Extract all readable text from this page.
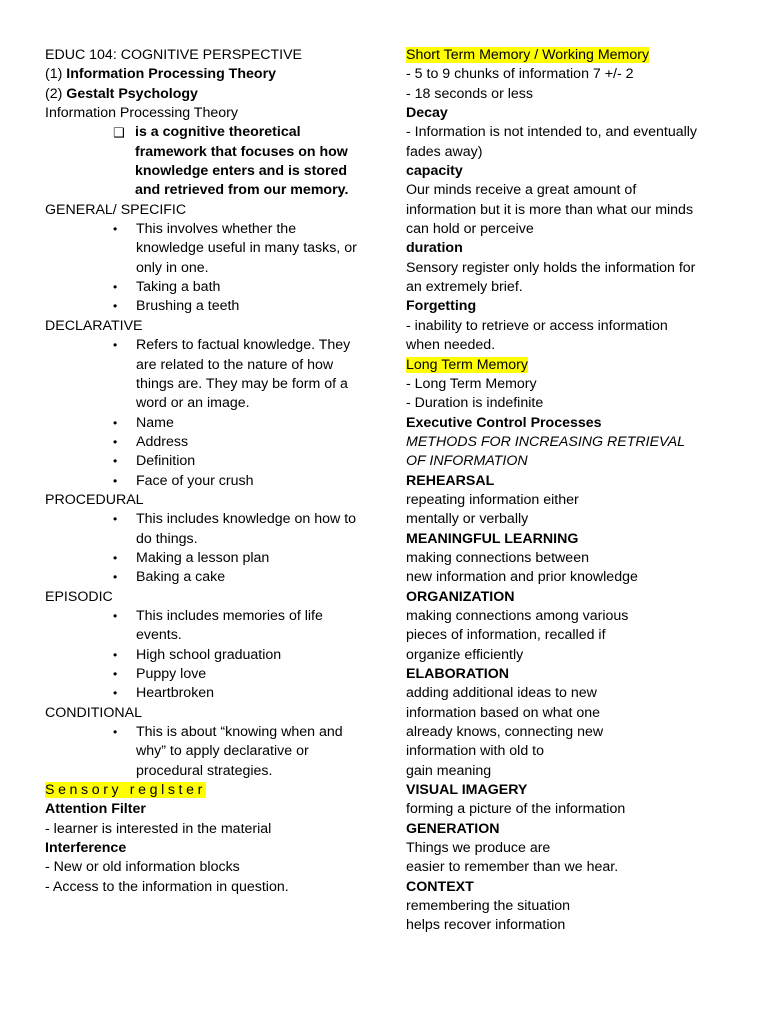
EDUC 104: COGNITIVE PERSPECTIVE
(1) Information Processing Theory
(2) Gestalt Psychology
Information Processing Theory
❑ is a cognitive theoretical framework that focuses on how knowledge enters and is stored and retrieved from our memory.
GENERAL/ SPECIFIC
•	This involves whether the knowledge useful in many tasks, or only in one.
•	Taking a bath
•	Brushing a teeth
DECLARATIVE
•	Refers to factual knowledge. They are related to the nature of how things are. They may be form of a word or an image.
•	Name
•	Address
•	Definition
•	Face of your crush
PROCEDURAL
•	This includes knowledge on how to do things.
•	Making a lesson plan
•	Baking a cake
EPISODIC
•	This includes memories of life events.
•	High school graduation
•	Puppy love
•	Heartbroken
CONDITIONAL
•	This is about “knowing when and why” to apply declarative or procedural strategies.
Sensory reglster
Attention Filter
- learner is interested in the material
Interference
- New or old information blocks
- Access to the information in question.
Short Term Memory / Working Memory
- 5 to 9 chunks of information 7 +/- 2
- 18 seconds or less
Decay
- Information is not intended to, and eventually
fades away)
capacity
Our minds receive a great amount of
information but it is more than what our minds
can hold or perceive
duration
Sensory register only holds the information for
an extremely brief.
Forgetting
- inability to retrieve or access information
when needed.
Long Term Memory
- Long Term Memory
- Duration is indefinite
Executive Control Processes
METHODS FOR INCREASING RETRIEVAL
OF INFORMATION
REHEARSAL
repeating information either
mentally or verbally
MEANINGFUL LEARNING
making connections between
new information and prior knowledge
ORGANIZATION
making connections among various
pieces of information, recalled if
organize efficiently
ELABORATION
adding additional ideas to new
information based on what one
already knows, connecting new
information with old to
gain meaning
VISUAL IMAGERY
forming a picture of the information
GENERATION
Things we produce are
easier to remember than we hear.
CONTEXT
remembering the situation
helps recover information
